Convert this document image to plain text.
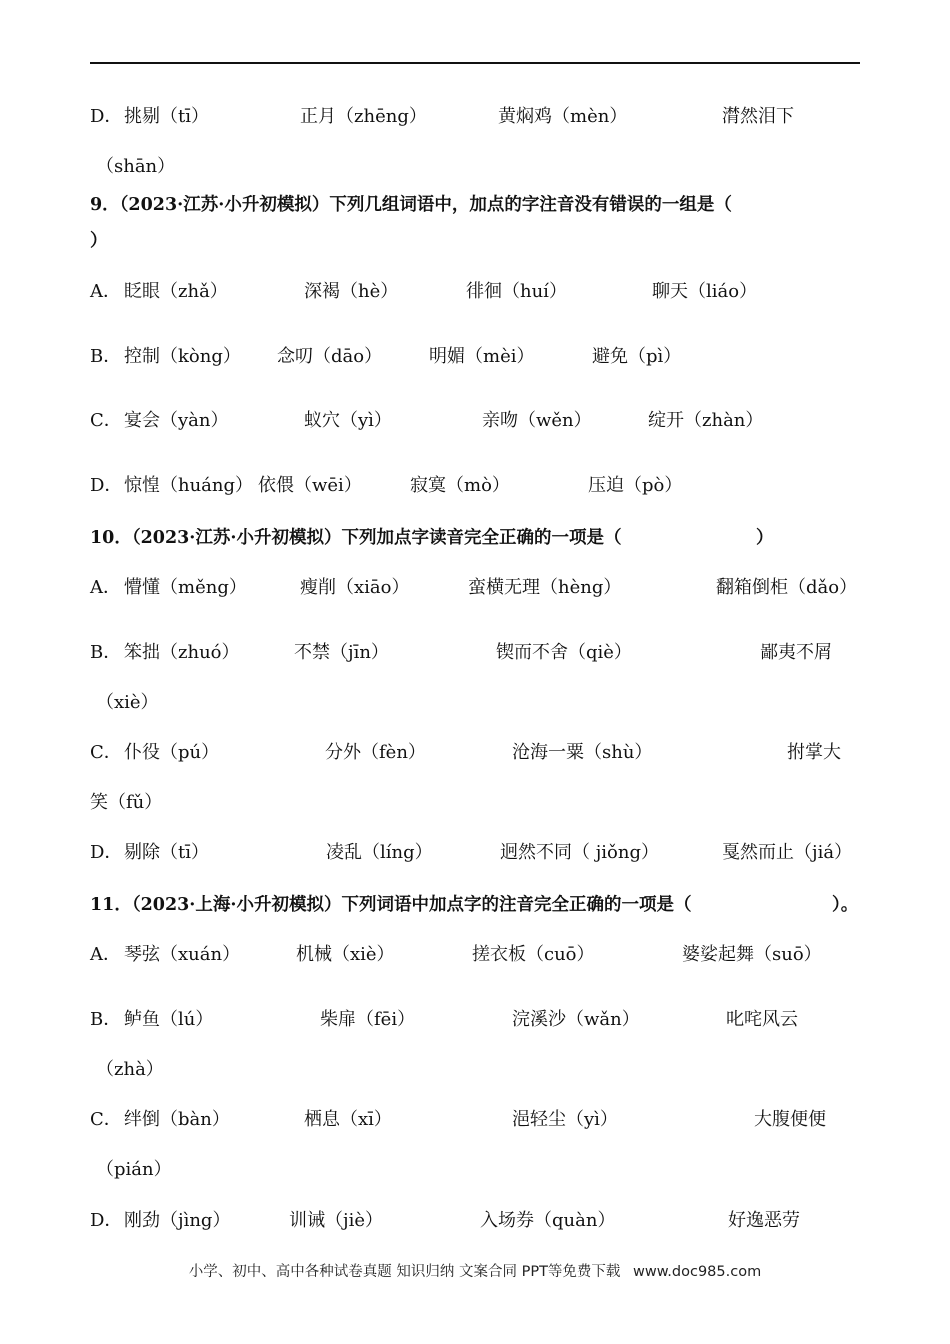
D． 挑剔（tī）	正月（zhēng）	黄焖鸡（mèn）	潸然泪下
（shān）
9．（2023·江苏·小升初模拟）下列几组词语中，加点的字注音没有错误的一组是（
）
A． 眨眼（zhǎ）	深褐（hè）	徘徊（huí）	聊天（liáo）
B． 控制（kòng） 念叨（dāo）	明媚（mèi）	避免（pì）
C． 宴会（yàn）	蚁穴（yì）	亲吻（wěn）	绽开（zhàn）
D． 惊惶（huáng） 依偎（wēi）	寂寞（mò）	压迫（pò）
10．（2023·江苏·小升初模拟）下列加点字读音完全正确的一项是（	）
A． 懵懂（měng）	瘦削（xiāo）	蛮横无理（hèng）	翻箱倒柜（dǎo）
B． 笨拙（zhuó）	不禁（jīn）	锲而不舍（qiè）	鄙夷不屑
（xiè）
C． 仆役（pú）	分外（fèn）	沧海一粟（shù）	拊掌大
笑（fǔ）
D． 剔除（tī）	凌乱（líng）	迥然不同（ jiǒng）	戛然而止（jiá）
11．（2023·上海·小升初模拟）下列词语中加点字的注音完全正确的一项是（	）。
A． 琴弦（xuán）	机械（xiè）	搓衣板（cuō）	婆娑起舞（suō）
B． 鲈鱼（lú）	柴扉（fēi）	浣溪沙（wǎn）	叱咤风云
（zhà）
C． 绊倒（bàn）	栖息（xī）	浥轻尘（yì）	大腹便便
（pián）
D． 刚劲（jìng）	训诫（jiè）	入场券（quàn）	好逸恶劳
小学、初中、高中各种试卷真题 知识归纳 文案合同 PPT等免费下载 www.doc985.com
